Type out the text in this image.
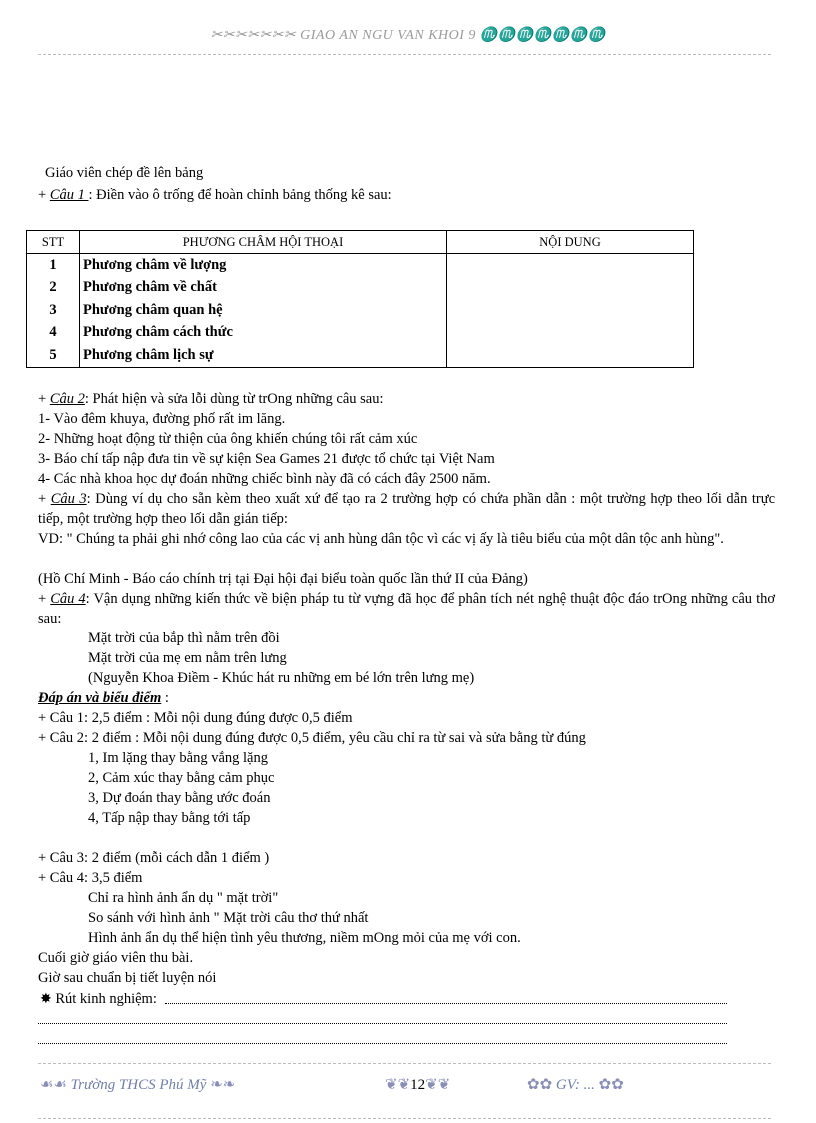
✂✂✂✂✂✂✂ GIAO AN NGU VAN KHOI 9 ♏♏♏♏♏♏♏
Giáo viên chép đề lên bảng
+ Câu 1 : Điền vào ô trống để hoàn chỉnh bảng thống kê sau:
STT	PHƯƠNG CHÂM HỘI THOẠI	NỘI DUNG
1	Phương châm về lượng	
2	Phương châm về chất	
3	Phương châm quan hệ	
4	Phương châm cách thức	
5	Phương châm lịch sự	
+ Câu 2: Phát hiện và sửa lỗi dùng từ trOng những câu sau:
1- Vào đêm khuya, đường phố rất im lăng.
2- Những hoạt động từ thiện của ông khiến chúng tôi rất cảm xúc
3- Báo chí tấp nập đưa tin về sự kiện Sea Games 21 được tổ chức tại Việt Nam
4- Các nhà khoa học dự đoán những chiếc bình này đã có cách đây 2500 năm.
+ Câu 3: Dùng ví dụ cho sẵn kèm theo xuất xứ để tạo ra 2 trường hợp có chứa phần dẫn : một trường hợp theo lối dẫn trực tiếp, một trường hợp theo lối dẫn gián tiếp:
VD: " Chúng ta phải ghi nhớ công lao của các vị anh hùng dân tộc vì các vị ấy là tiêu biểu của một dân tộc anh hùng".
(Hồ Chí Minh - Báo cáo chính trị tại Đại hội đại biểu toàn quốc lần thứ II của Đảng)
+ Câu 4: Vận dụng những kiến thức về biện pháp tu từ vựng đã học để phân tích nét nghệ thuật độc đáo trOng những câu thơ sau:
Mặt trời của bắp thì nằm trên đồi
Mặt trời của mẹ em nằm trên lưng
(Nguyễn Khoa Điềm - Khúc hát ru những em bé lớn trên lưng mẹ)
Đáp án và biểu điểm :
+ Câu 1: 2,5 điểm : Mỗi nội dung đúng được 0,5 điểm
+ Câu 2: 2 điểm : Mỗi nội dung đúng được 0,5 điểm, yêu cầu chỉ ra từ sai và sửa bằng từ đúng
1, Im lặng thay bằng vắng lặng
2, Cảm xúc thay bằng cảm phục
3, Dự đoán thay bằng ước đoán
4, Tấp nập thay bằng tới tấp
+ Câu 3: 2 điểm (mỗi cách dẫn 1 điểm )
+ Câu 4: 3,5 điểm
Chỉ ra hình ảnh ẩn dụ " mặt trời"
So sánh với hình ảnh " Mặt trời câu thơ thứ nhất
Hình ảnh ẩn dụ thể hiện tình yêu thương, niềm mOng mỏi của mẹ với con.
Cuối giờ giáo viên thu bài.
Giờ sau chuẩn bị tiết luyện nói
✸ Rút kinh nghiệm:
☙☙ Trường THCS Phú Mỹ ❧❧	❦❦12❦❦	✿✿ GV: ... ✿✿
